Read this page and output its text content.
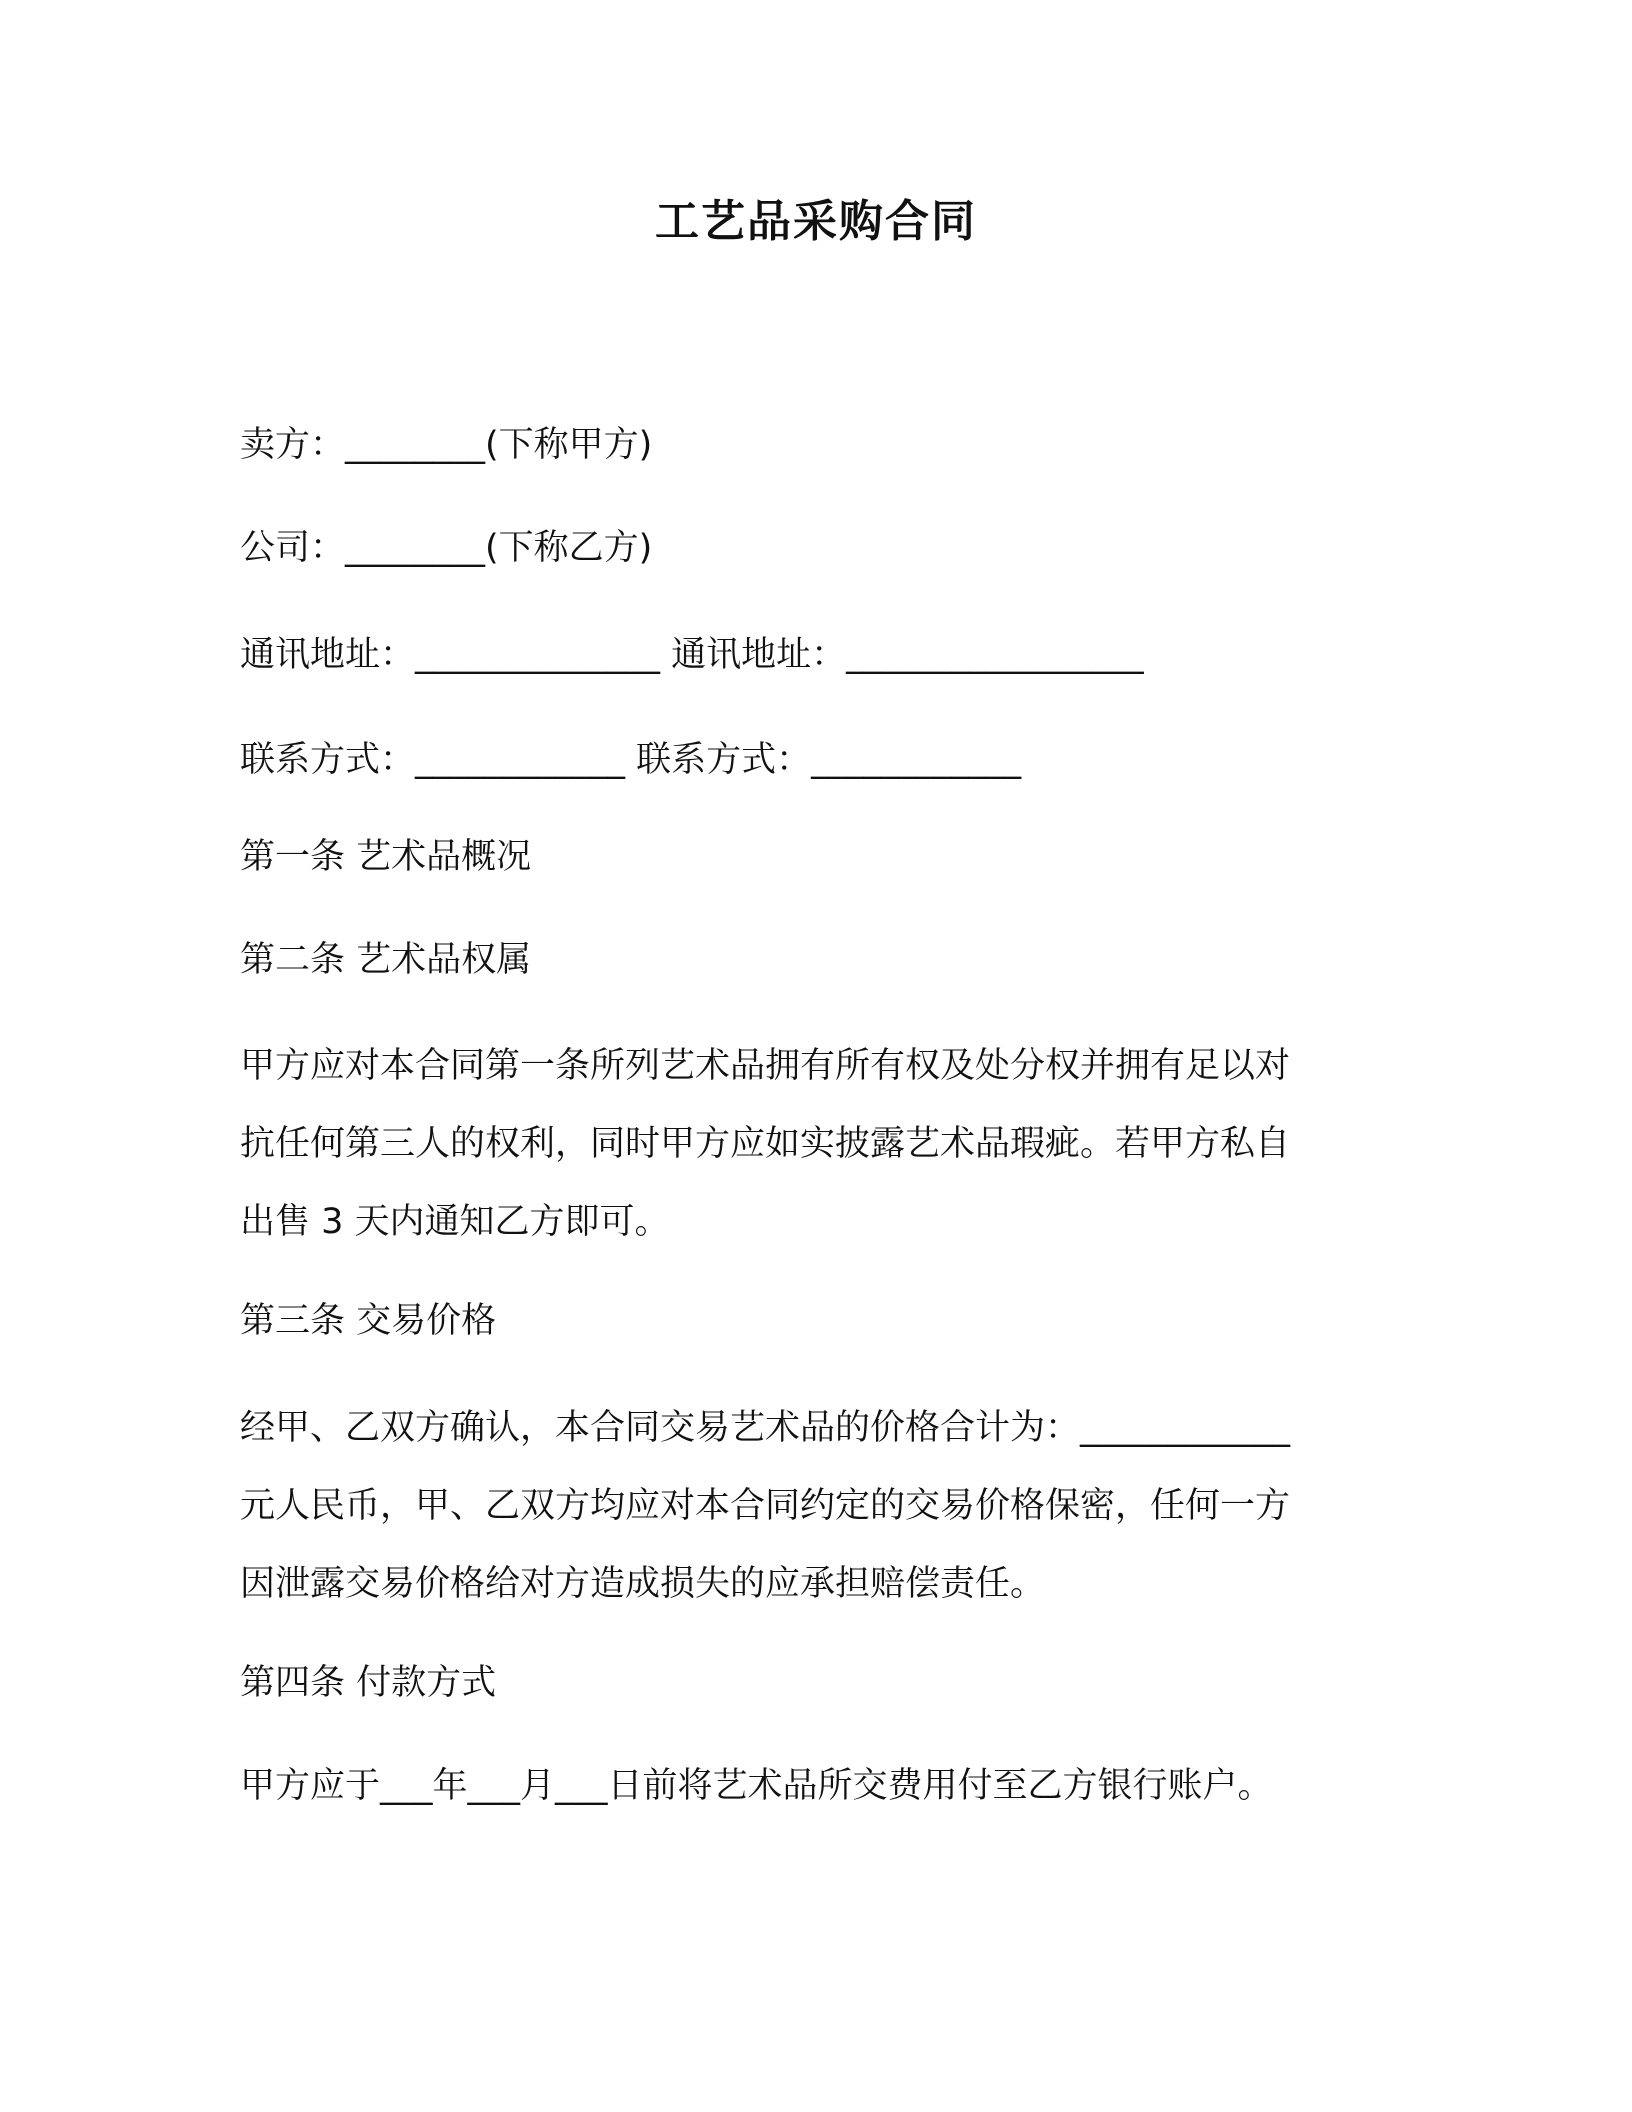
工艺品采购合同
卖方：________(下称甲方)
公司：________(下称乙方)
通讯地址：______________ 通讯地址：_________________
联系方式：____________ 联系方式：____________
第一条 艺术品概况
第二条 艺术品权属
甲方应对本合同第一条所列艺术品拥有所有权及处分权并拥有足以对
抗任何第三人的权利，同时甲方应如实披露艺术品瑕疵。若甲方私自
出售 3 天内通知乙方即可。
第三条 交易价格
经甲、乙双方确认，本合同交易艺术品的价格合计为：____________
元人民币，甲、乙双方均应对本合同约定的交易价格保密，任何一方
因泄露交易价格给对方造成损失的应承担赔偿责任。
第四条 付款方式
甲方应于___年___月___日前将艺术品所交费用付至乙方银行账户。
